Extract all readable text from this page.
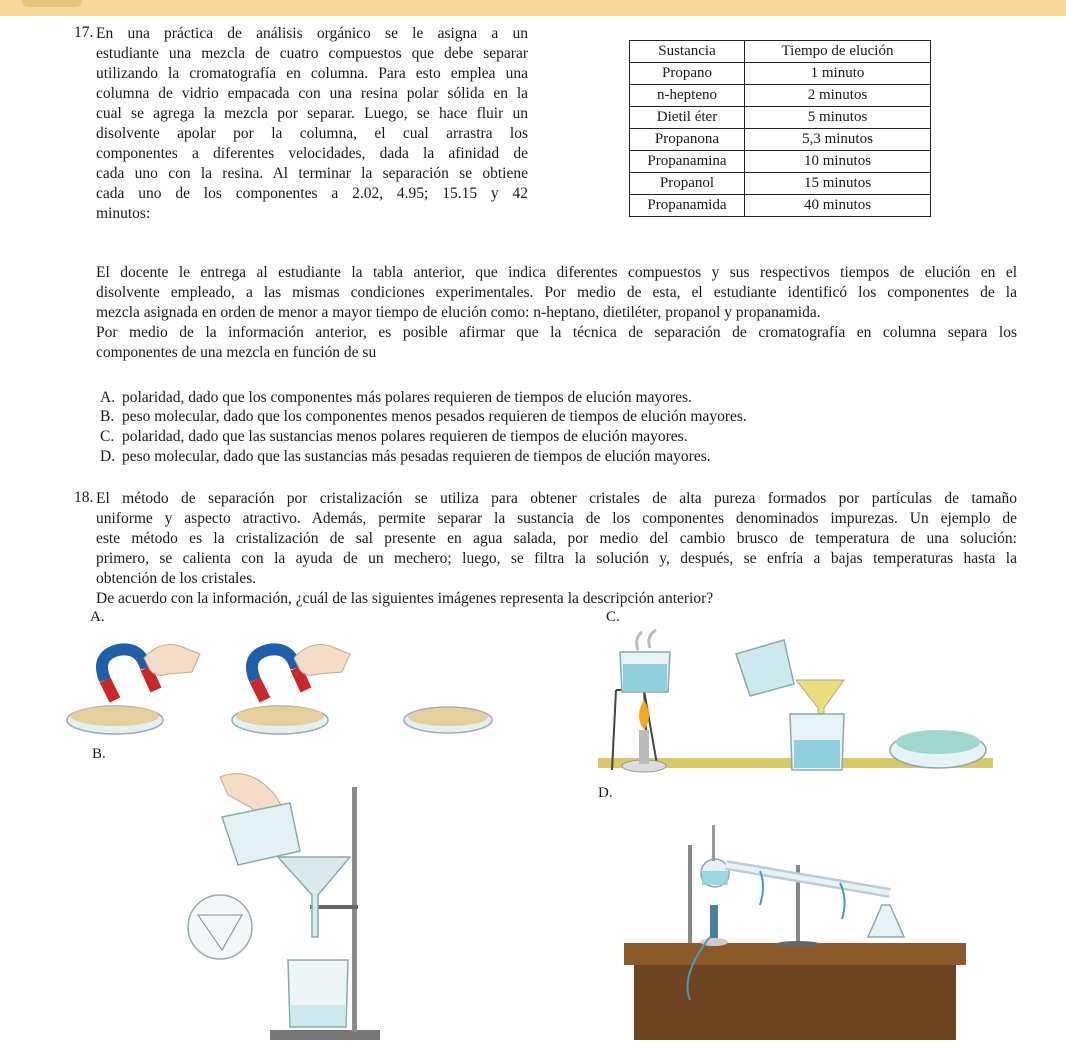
17. En una práctica de análisis orgánico se le asigna a un
estudiante una mezcla de cuatro compuestos que debe separar
utilizando la cromatografía en columna. Para esto emplea una
columna de vidrio empacada con una resina polar sólida en la
cual se agrega la mezcla por separar. Luego, se hace fluir un
disolvente apolar por la columna, el cual arrastra los
componentes a diferentes velocidades, dada la afinidad de
cada uno con la resina. Al terminar la separación se obtiene
cada uno de los componentes a 2.02, 4.95; 15.15 y 42
minutos:
Sustancia	Tiempo de elución
Propano	1 minuto
n-hepteno	2 minutos
Dietil éter	5 minutos
Propanona	5,3 minutos
Propanamina	10 minutos
Propanol	15 minutos
Propanamida	40 minutos
El docente le entrega al estudiante la tabla anterior, que indica diferentes compuestos y sus respectivos tiempos de elución en el
disolvente empleado, a las mismas condiciones experimentales. Por medio de esta, el estudiante identificó los componentes de la
mezcla asignada en orden de menor a mayor tiempo de elución como: n-heptano, dietiléter, propanol y propanamida.
Por medio de la información anterior, es posible afirmar que la técnica de separación de cromatografía en columna separa los
componentes de una mezcla en función de su
A. polaridad, dado que los componentes más polares requieren de tiempos de elución mayores.
B. peso molecular, dado que los componentes menos pesados requieren de tiempos de elución mayores.
C. polaridad, dado que las sustancias menos polares requieren de tiempos de elución mayores.
D. peso molecular, dado que las sustancias más pesadas requieren de tiempos de elución mayores.
18. El método de separación por cristalización se utiliza para obtener cristales de alta pureza formados por partículas de tamaño
uniforme y aspecto atractivo. Además, permite separar la sustancia de los componentes denominados impurezas. Un ejemplo de
este método es la cristalización de sal presente en agua salada, por medio del cambio brusco de temperatura de una solución:
primero, se calienta con la ayuda de un mechero; luego, se filtra la solución y, después, se enfría a bajas temperaturas hasta la
obtención de los cristales.
De acuerdo con la información, ¿cuál de las siguientes imágenes representa la descripción anterior?
A.
B.
C.
D.
